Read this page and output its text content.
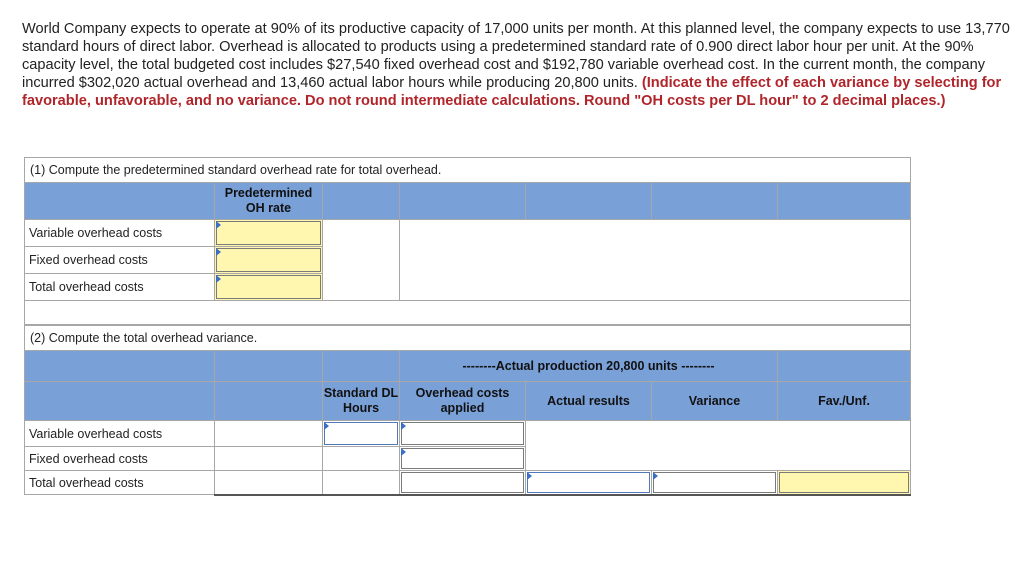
World Company expects to operate at 90% of its productive capacity of 17,000 units per month. At this planned level, the company expects to use 13,770 standard hours of direct labor. Overhead is allocated to products using a predetermined standard rate of 0.900 direct labor hour per unit. At the 90% capacity level, the total budgeted cost includes $27,540 fixed overhead cost and $192,780 variable overhead cost. In the current month, the company incurred $302,020 actual overhead and 13,460 actual labor hours while producing 20,800 units. (Indicate the effect of each variance by selecting for favorable, unfavorable, and no variance. Do not round intermediate calculations. Round "OH costs per DL hour" to 2 decimal places.)
(1) Compute the predetermined standard overhead rate for total overhead.						
	Predetermined OH rate					
Variable overhead costs				

Fixed overhead costs						

Total overhead costs						

(2) Compute the total overhead variance.						
			--------Actual production 20,800 units --------			
		Standard DL Hours	Overhead costs applied	Actual results	Variance	Fav./Unf.
Variable overhead costs				

Fixed overhead costs						

Total overhead costs			
